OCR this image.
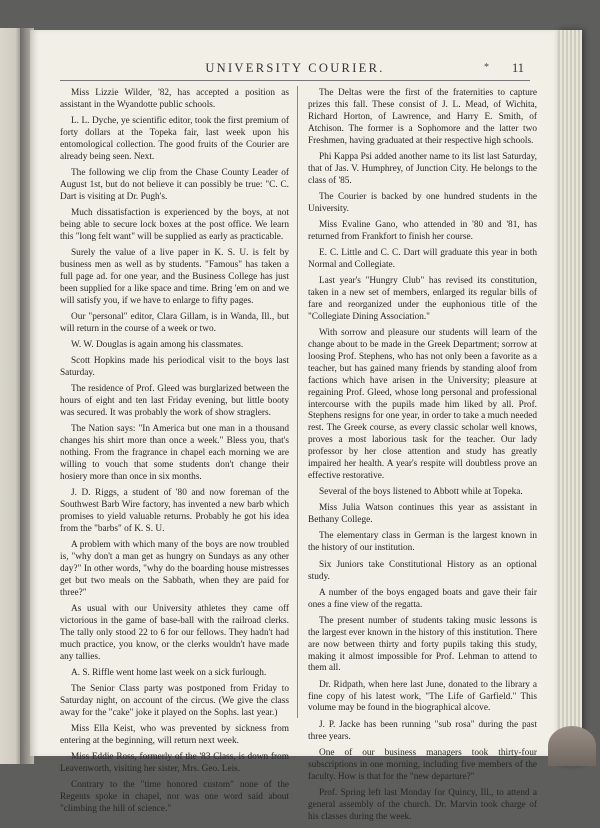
UNIVERSITY COURIER.	* 11

Miss Lizzie Wilder, '82, has accepted a position as assistant in the Wyandotte public schools.

L. L. Dyche, ye scientific editor, took the first premium of forty dollars at the Topeka fair, last week upon his entomological collection. The good fruits of the Courier are already being seen. Next.

The following we clip from the Chase County Leader of August 1st, but do not believe it can possibly be true: "C. C. Dart is visiting at Dr. Pugh's.

Much dissatisfaction is experienced by the boys, at not being able to secure lock boxes at the post office. We learn this "long felt want" will be supplied as early as practicable.

Surely the value of a live paper in K. S. U. is felt by business men as well as by students. "Famous" has taken a full page ad. for one year, and the Business College has just been supplied for a like space and time. Bring 'em on and we will satisfy you, if we have to enlarge to fifty pages.

Our "personal" editor, Clara Gillam, is in Wanda, Ill., but will return in the course of a week or two.

W. W. Douglas is again among his classmates.

Scott Hopkins made his periodical visit to the boys last Saturday.

The residence of Prof. Gleed was burglarized between the hours of eight and ten last Friday evening, but little booty was secured. It was probably the work of show straglers.

The Nation says: "In America but one man in a thousand changes his shirt more than once a week." Bless you, that's nothing. From the fragrance in chapel each morning we are willing to vouch that some students don't change their hosiery more than once in six months.

J. D. Riggs, a student of '80 and now foreman of the Southwest Barb Wire factory, has invented a new barb which promises to yield valuable returns. Probably he got his idea from the "barbs" of K. S. U.

A problem with which many of the boys are now troubled is, "why don't a man get as hungry on Sundays as any other day?" In other words, "why do the boarding house mistresses get but two meals on the Sabbath, when they are paid for three?"

As usual with our University athletes they came off victorious in the game of base-ball with the railroad clerks. The tally only stood 22 to 6 for our fellows. They hadn't had much practice, you know, or the clerks wouldn't have made any tallies.

A. S. Riffle went home last week on a sick furlough.

The Senior Class party was postponed from Friday to Saturday night, on account of the circus. (We give the class away for the "cake" joke it played on the Sophs. last year.)

Miss Ella Keist, who was prevented by sickness from entering at the beginning, will return next week.

Miss Eddie Ross, formerly of the '83 Class, is down from Leavenworth, visiting her sister, Mrs. Geo. Leis.

Contrary to the "time honored custom" none of the Regents spoke in chapel, nor was one word said about "climbing the hill of science."

The Deltas were the first of the fraternities to capture prizes this fall. These consist of J. L. Mead, of Wichita, Richard Horton, of Lawrence, and Harry E. Smith, of Atchison. The former is a Sophomore and the latter two Freshmen, having graduated at their respective high schools.

Phi Kappa Psi added another name to its list last Saturday, that of Jas. V. Humphrey, of Junction City. He belongs to the class of '85.

The Courier is backed by one hundred students in the University.

Miss Evaline Gano, who attended in '80 and '81, has returned from Frankfort to finish her course.

E. C. Little and C. C. Dart will graduate this year in both Normal and Collegiate.

Last year's "Hungry Club" has revised its constitution, taken in a new set of members, enlarged its regular bills of fare and reorganized under the euphonious title of the "Collegiate Dining Association."

With sorrow and pleasure our students will learn of the change about to be made in the Greek Department; sorrow at loosing Prof. Stephens, who has not only been a favorite as a teacher, but has gained many friends by standing aloof from factions which have arisen in the University; pleasure at regaining Prof. Gleed, whose long personal and professional intercourse with the pupils made him liked by all. Prof. Stephens resigns for one year, in order to take a much needed rest. The Greek course, as every classic scholar well knows, proves a most laborious task for the teacher. Our lady professor by her close attention and study has greatly impaired her health. A year's respite will doubtless prove an effective restorative.

Several of the boys listened to Abbott while at Topeka.

Miss Julia Watson continues this year as assistant in Bethany College.

The elementary class in German is the largest known in the history of our institution.

Six Juniors take Constitutional History as an optional study.

A number of the boys engaged boats and gave their fair ones a fine view of the regatta.

The present number of students taking music lessons is the largest ever known in the history of this institution. There are now between thirty and forty pupils taking this study, making it almost impossible for Prof. Lehman to attend to them all.

Dr. Ridpath, when here last June, donated to the library a fine copy of his latest work, "The Life of Garfield." This volume may be found in the biographical alcove.

J. P. Jacke has been running "sub rosa" during the past three years.

One of our business managers took thirty-four subscriptions in one morning, including five members of the faculty. How is that for the "new departure?"

Prof. Spring left last Monday for Quincy, Ill., to attend a general assembly of the church. Dr. Marvin took charge of his classes during the week.
